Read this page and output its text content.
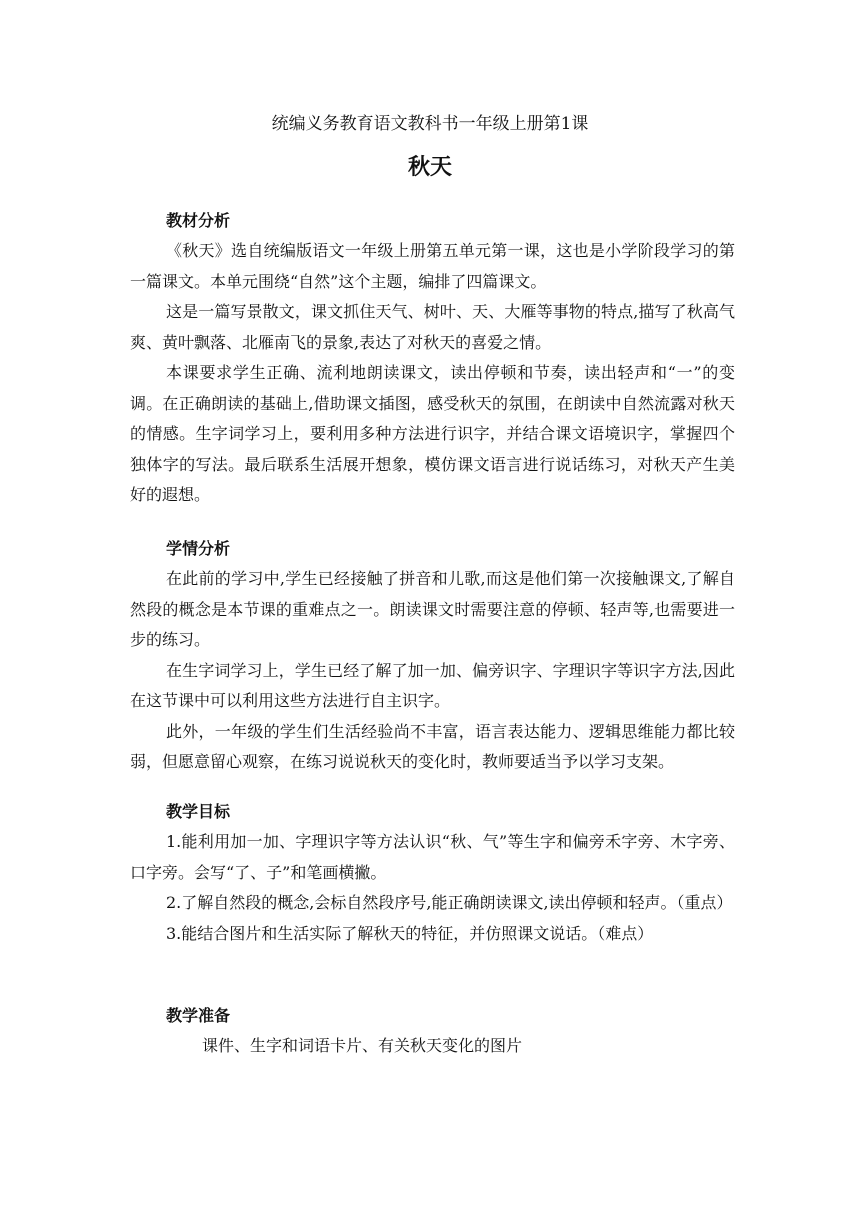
统编义务教育语文教科书一年级上册第1课
秋天
教材分析

《秋天》选自统编版语文一年级上册第五单元第一课，这也是小学阶段学习的第一篇课文。本单元围绕“自然”这个主题，编排了四篇课文。

这是一篇写景散文，课文抓住天气、树叶、天、大雁等事物的特点,描写了秋高气爽、黄叶飘落、北雁南飞的景象,表达了对秋天的喜爱之情。

本课要求学生正确、流利地朗读课文，读出停顿和节奏，读出轻声和“一”的变调。在正确朗读的基础上,借助课文插图，感受秋天的氛围，在朗读中自然流露对秋天的情感。生字词学习上，要利用多种方法进行识字，并结合课文语境识字，掌握四个独体字的写法。最后联系生活展开想象，模仿课文语言进行说话练习，对秋天产生美好的遐想。

学情分析

在此前的学习中,学生已经接触了拼音和儿歌,而这是他们第一次接触课文,了解自然段的概念是本节课的重难点之一。朗读课文时需要注意的停顿、轻声等,也需要进一步的练习。

在生字词学习上，学生已经了解了加一加、偏旁识字、字理识字等识字方法,因此在这节课中可以利用这些方法进行自主识字。

此外，一年级的学生们生活经验尚不丰富，语言表达能力、逻辑思维能力都比较弱，但愿意留心观察，在练习说说秋天的变化时，教师要适当予以学习支架。

教学目标

1.能利用加一加、字理识字等方法认识“秋、气”等生字和偏旁禾字旁、木字旁、口字旁。会写“了、子”和笔画横撇。

2.了解自然段的概念,会标自然段序号,能正确朗读课文,读出停顿和轻声。（重点）

3.能结合图片和生活实际了解秋天的特征，并仿照课文说话。（难点）

教学准备

课件、生字和词语卡片、有关秋天变化的图片
